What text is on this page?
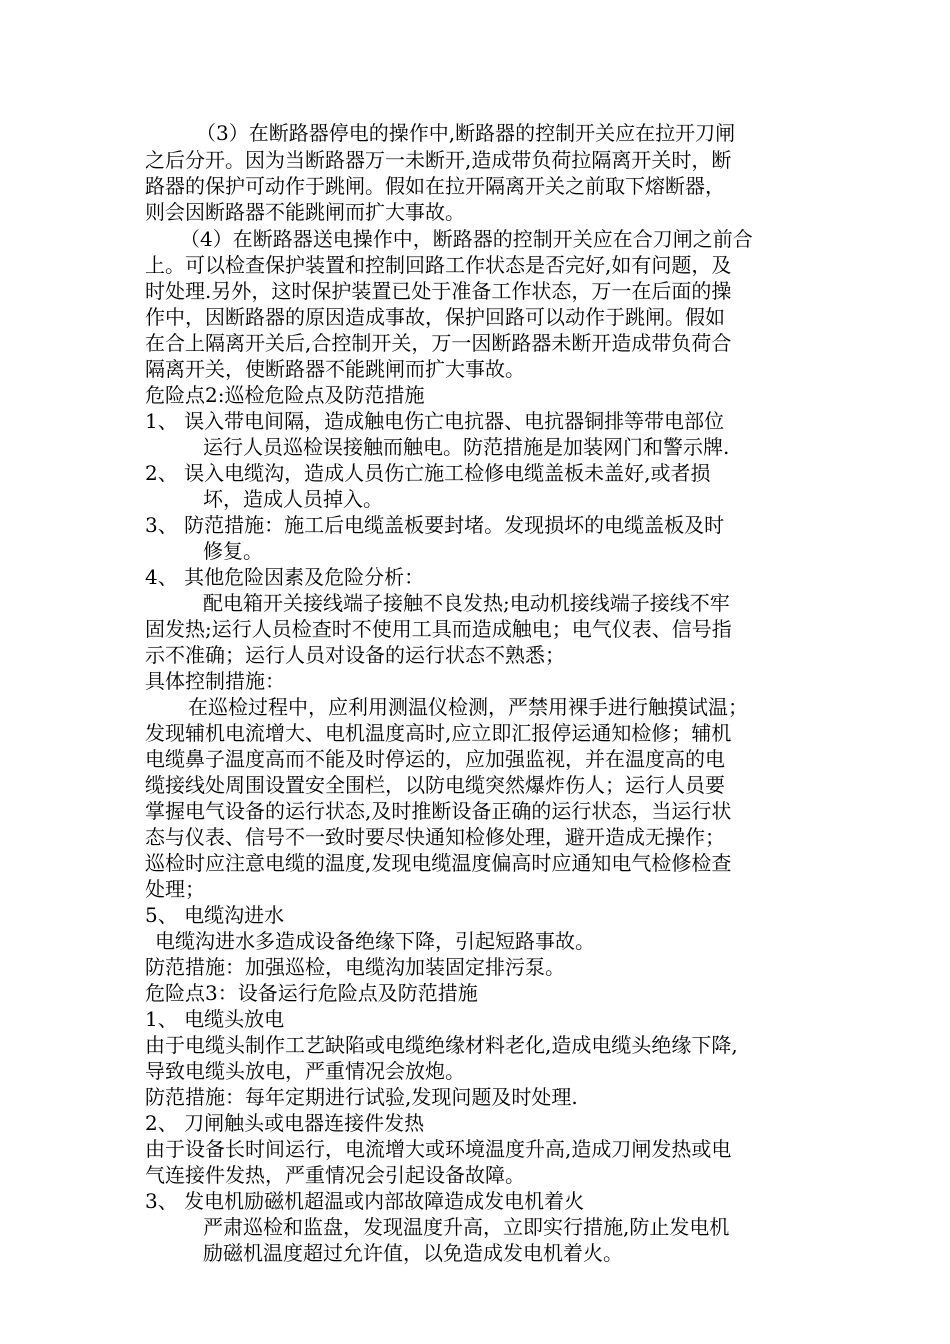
（3）在断路器停电的操作中,断路器的控制开关应在拉开刀闸

之后分开。因为当断路器万一未断开,造成带负荷拉隔离开关时，断

路器的保护可动作于跳闸。假如在拉开隔离开关之前取下熔断器，

则会因断路器不能跳闸而扩大事故。

（4）在断路器送电操作中，断路器的控制开关应在合刀闸之前合

上。可以检查保护装置和控制回路工作状态是否完好,如有问题，及

时处理.另外，这时保护装置已处于准备工作状态，万一在后面的操

作中，因断路器的原因造成事故，保护回路可以动作于跳闸。假如

在合上隔离开关后,合控制开关，万一因断路器未断开造成带负荷合

隔离开关，使断路器不能跳闸而扩大事故。

危险点2:巡检危险点及防范措施

1、 误入带电间隔，造成触电伤亡电抗器、电抗器铜排等带电部位

运行人员巡检误接触而触电。防范措施是加装网门和警示牌.

2、 误入电缆沟，造成人员伤亡施工检修电缆盖板未盖好,或者损

坏，造成人员掉入。

3、 防范措施：施工后电缆盖板要封堵。发现损坏的电缆盖板及时

修复。

4、 其他危险因素及危险分析：

配电箱开关接线端子接触不良发热;电动机接线端子接线不牢

固发热;运行人员检查时不使用工具而造成触电；电气仪表、信号指

示不准确；运行人员对设备的运行状态不熟悉；

具体控制措施：

在巡检过程中，应利用测温仪检测，严禁用裸手进行触摸试温；

发现辅机电流增大、电机温度高时,应立即汇报停运通知检修；辅机

电缆鼻子温度高而不能及时停运的，应加强监视，并在温度高的电

缆接线处周围设置安全围栏，以防电缆突然爆炸伤人；运行人员要

掌握电气设备的运行状态,及时推断设备正确的运行状态，当运行状

态与仪表、信号不一致时要尽快通知检修处理，避开造成无操作；

巡检时应注意电缆的温度,发现电缆温度偏高时应通知电气检修检查

处理；

5、 电缆沟进水

电缆沟进水多造成设备绝缘下降，引起短路事故。

防范措施：加强巡检，电缆沟加装固定排污泵。

危险点3：设备运行危险点及防范措施

1、 电缆头放电

由于电缆头制作工艺缺陷或电缆绝缘材料老化,造成电缆头绝缘下降,

导致电缆头放电，严重情况会放炮。

防范措施：每年定期进行试验,发现问题及时处理.

2、 刀闸触头或电器连接件发热

由于设备长时间运行，电流增大或环境温度升高,造成刀闸发热或电

气连接件发热，严重情况会引起设备故障。

3、 发电机励磁机超温或内部故障造成发电机着火

严肃巡检和监盘，发现温度升高，立即实行措施,防止发电机

励磁机温度超过允许值，以免造成发电机着火。
